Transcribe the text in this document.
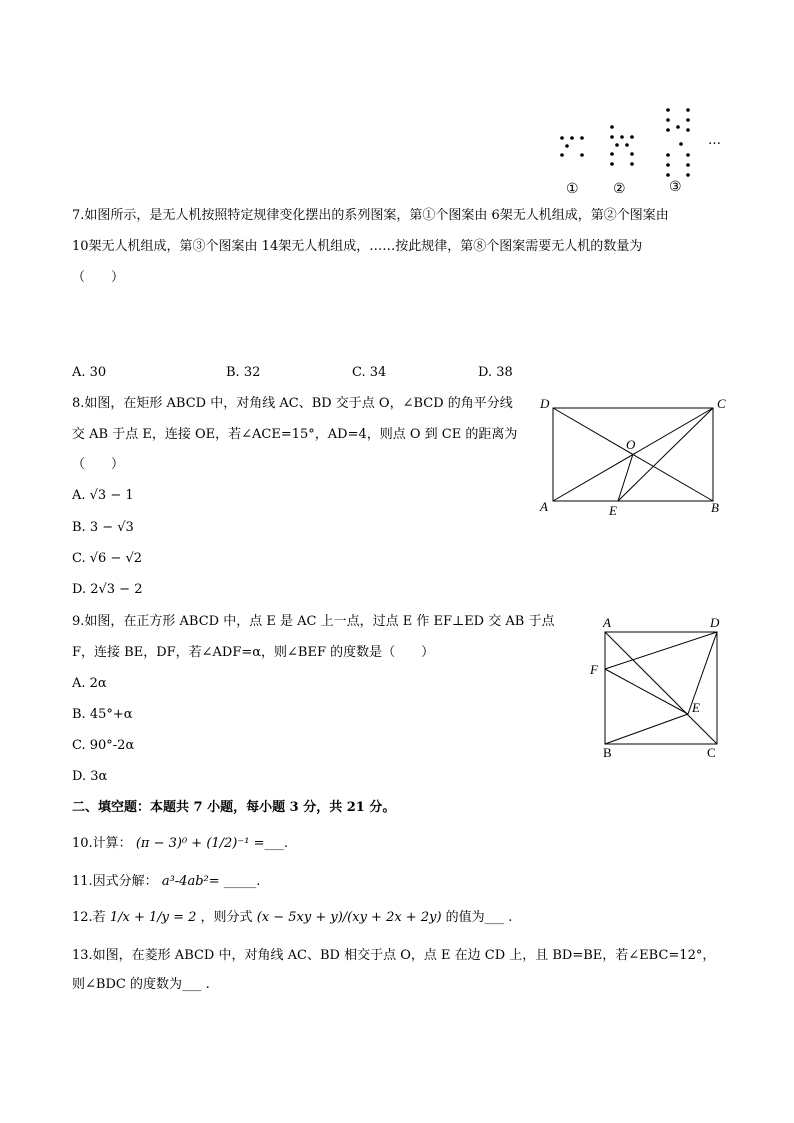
① ②	③
…
7.如图所示，是无人机按照特定规律变化摆出的系列图案，第①个图案由 6架无人机组成，第②个图案由
10架无人机组成，第③个图案由 14架无人机组成，……按此规律，第⑧个图案需要无人机的数量为
（　　）
A. 30	B. 32	C. 34	D. 38
8.如图，在矩形 ABCD 中，对角线 AC、BD 交于点 O，∠BCD 的角平分线
交 AB 于点 E，连接 OE，若∠ACE=15°，AD=4，则点 O 到 CE 的距离为
（　　）
A. √3 − 1
B. 3 − √3
C. √6 − √2
D. 2√3 − 2
D	C
O
A	E	B
9.如图，在正方形 ABCD 中，点 E 是 AC 上一点，过点 E 作 EF⊥ED 交 AB 于点
F，连接 BE，DF，若∠ADF=α，则∠BEF 的度数是（　　）
A. 2α
B. 45°+α
C. 90°-2α
D. 3α
A	D
F
E
B	C
二、填空题：本题共 7 小题，每小题 3 分，共 21 分。
10.计算： (π − 3)⁰ + (1/2)⁻¹ =___.
11.因式分解： a³-4ab²= _____.
12.若 1/x + 1/y = 2 ，则分式 (x − 5xy + y)/(xy + 2x + 2y) 的值为___ .
13.如图，在菱形 ABCD 中，对角线 AC、BD 相交于点 O，点 E 在边 CD 上，且 BD=BE，若∠EBC=12°，
则∠BDC 的度数为___ .
